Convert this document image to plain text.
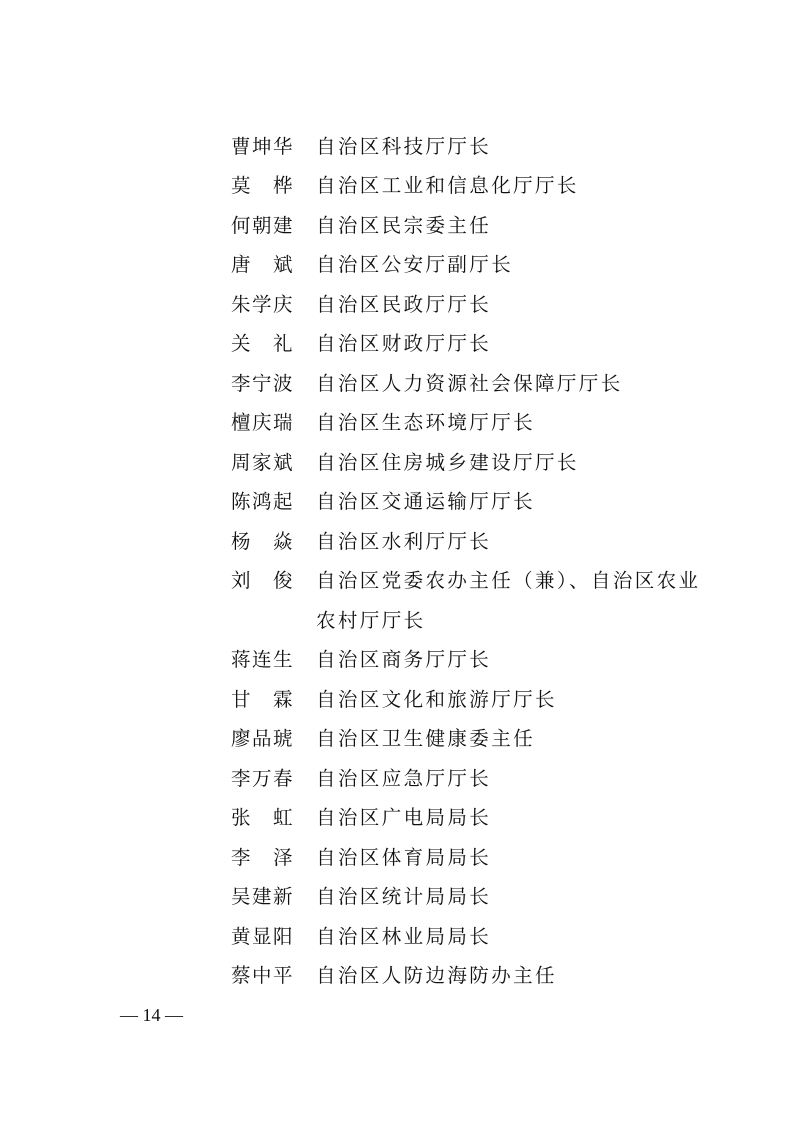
曹坤华 自治区科技厅厅长
莫　桦 自治区工业和信息化厅厅长
何朝建 自治区民宗委主任
唐　斌 自治区公安厅副厅长
朱学庆 自治区民政厅厅长
关　礼 自治区财政厅厅长
李宁波 自治区人力资源社会保障厅厅长
檀庆瑞 自治区生态环境厅厅长
周家斌 自治区住房城乡建设厅厅长
陈鸿起 自治区交通运输厅厅长
杨　焱 自治区水利厅厅长
刘　俊 自治区党委农办主任（兼）、自治区农业
农村厅厅长
蒋连生 自治区商务厅厅长
甘　霖 自治区文化和旅游厅厅长
廖品琥 自治区卫生健康委主任
李万春 自治区应急厅厅长
张　虹 自治区广电局局长
李　泽 自治区体育局局长
吴建新 自治区统计局局长
黄显阳 自治区林业局局长
蔡中平 自治区人防边海防办主任
— 14 —
